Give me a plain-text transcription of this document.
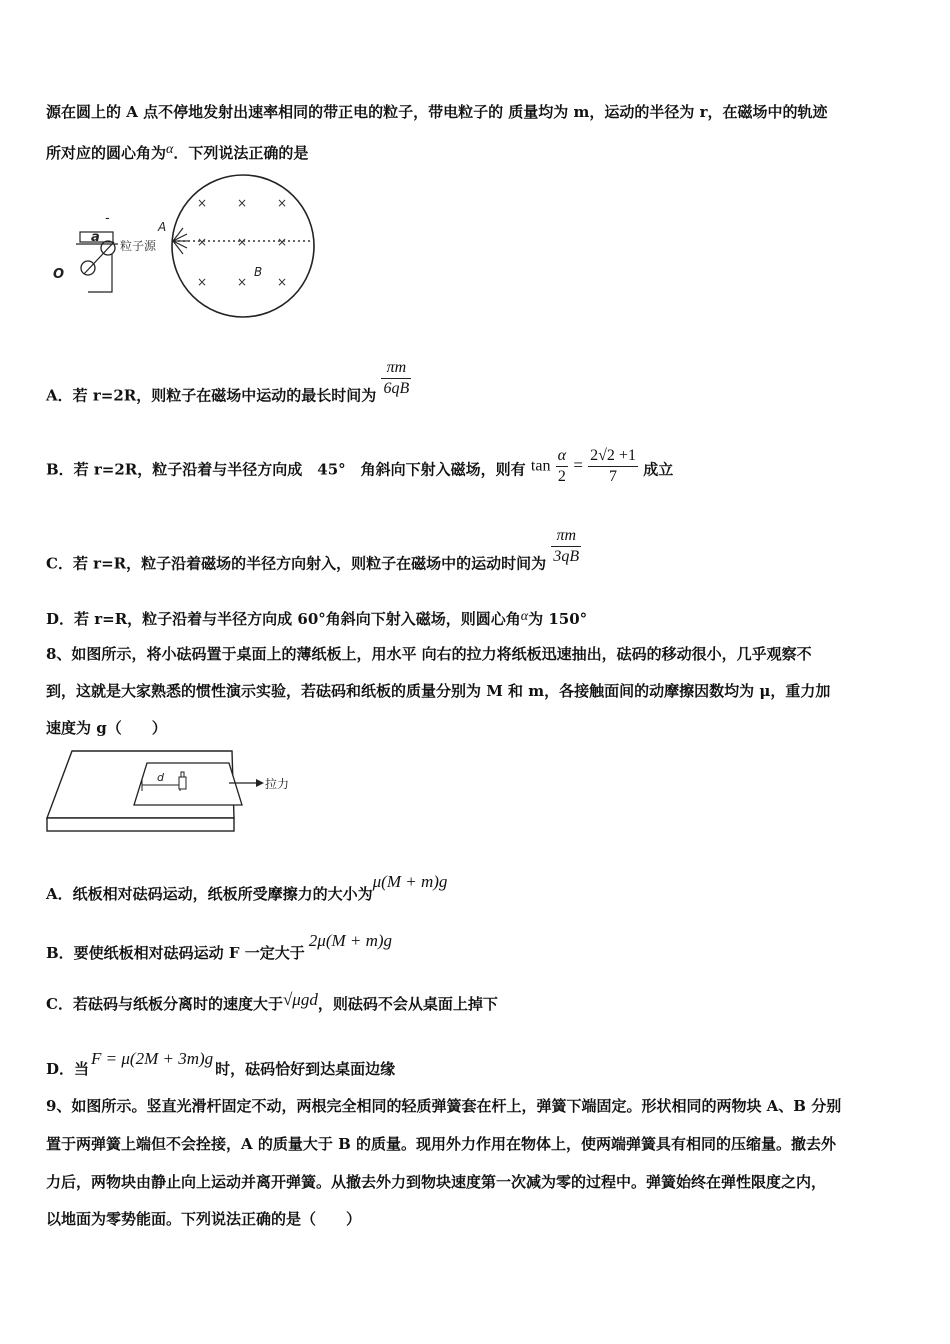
源在圆上的 A 点不停地发射出速率相同的带正电的粒子，带电粒子的 质量均为 m，运动的半径为 r，在磁场中的轨迹
所对应的圆心角为α．下列说法正确的是
× × ×
× × ×
× × ×
A
B
粒子源
a
-
O
A．若 r=2R，则粒子在磁场中运动的最长时间为 $\frac{\pi m}{6qB}$
B．若 r=2R，粒子沿着与半径方向成　45°　角斜向下射入磁场，则有 $\tan \frac{\alpha}{2} = \frac{2√2 +1}{7}$ 成立
C．若 r=R，粒子沿着磁场的半径方向射入，则粒子在磁场中的运动时间为 $\frac{\pi m}{3qB}$
D．若 r=R，粒子沿着与半径方向成 60°角斜向下射入磁场，则圆心角α为 150°
8、如图所示，将小砝码置于桌面上的薄纸板上，用水平 向右的拉力将纸板迅速抽出，砝码的移动很小，几乎观察不
到，这就是大家熟悉的惯性演示实验，若砝码和纸板的质量分别为 M 和 m，各接触面间的动摩擦因数均为 μ，重力加
速度为 g（　　）
d	拉力
A．纸板相对砝码运动，纸板所受摩擦力的大小为μ(M + m)g
B．要使纸板相对砝码运动 F 一定大于2μ(M + m)g
C．若砝码与纸板分离时的速度大于√μgd，则砝码不会从桌面上掉下
D．当F = μ(2M + 3m)g时，砝码恰好到达桌面边缘
9、如图所示。竖直光滑杆固定不动，两根完全相同的轻质弹簧套在杆上，弹簧下端固定。形状相同的两物块 A、B 分别
置于两弹簧上端但不会拴接，A 的质量大于 B 的质量。现用外力作用在物体上，使两端弹簧具有相同的压缩量。撤去外
力后，两物块由静止向上运动并离开弹簧。从撤去外力到物块速度第一次减为零的过程中。弹簧始终在弹性限度之内，
以地面为零势能面。下列说法正确的是（　　）
